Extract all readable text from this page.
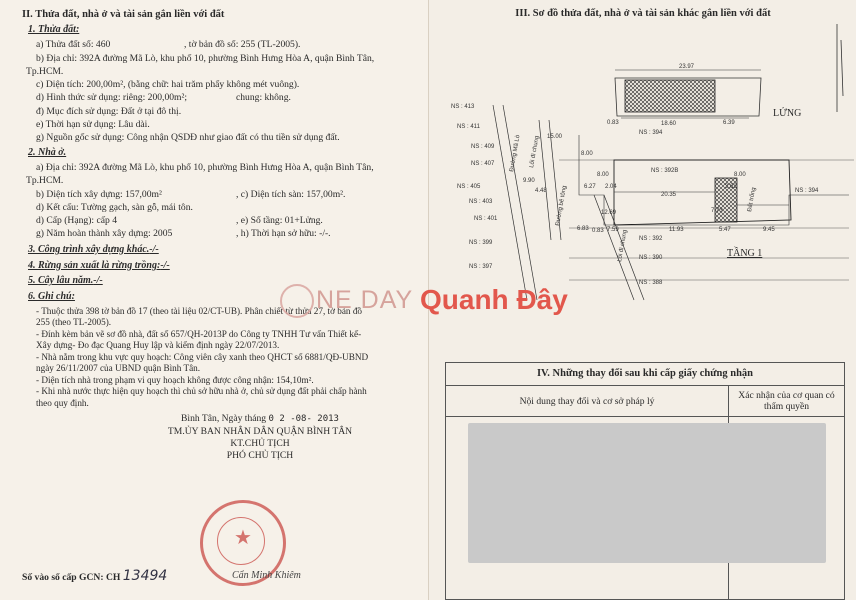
II. Thửa đất, nhà ở và tài sản gắn liền với đất
1. Thửa đất:
a) Thửa đất số: 460	, tờ bản đồ số: 255 (TL-2005).
b) Địa chỉ: 392A đường Mã Lò, khu phố 10, phường Bình Hưng Hòa A, quận Bình Tân,
Tp.HCM.
c) Diện tích: 200,00m², (bằng chữ: hai trăm phẩy không mét vuông).
d) Hình thức sử dụng: riêng: 200,00m²;	chung: không.
đ) Mục đích sử dụng: Đất ở tại đô thị.
e) Thời hạn sử dụng: Lâu dài.
g) Nguồn gốc sử dụng: Công nhận QSDĐ như giao đất có thu tiền sử dụng đất.
2. Nhà ở.
a) Địa chỉ: 392A đường Mã Lò, khu phố 10, phường Bình Hưng Hòa A, quận Bình Tân,
Tp.HCM.
b) Diện tích xây dựng: 157,00m²	, c) Diện tích sàn: 157,00m².
d) Kết cấu: Tường gạch, sàn gỗ, mái tôn.
d) Cấp (Hạng): cấp 4	, e) Số tầng: 01+Lửng.
g) Năm hoàn thành xây dựng: 2005	, h) Thời hạn sở hữu: -/-.
3. Công trình xây dựng khác.-/-
4. Rừng sản xuất là rừng trồng:-/-
5. Cây lâu năm.-/-
6. Ghi chú:
- Thuộc thửa 398 tờ bản đồ 17 (theo tài liệu 02/CT-UB). Phân chiết từ thửa 27, tờ bản đồ
255 (theo TL-2005).
- Đính kèm bản vẽ sơ đồ nhà, đất số 657/QH-2013P do Công ty TNHH Tư vấn Thiết kế-
Xây dựng- Đo đạc Quang Huy lập và kiểm định ngày 22/07/2013.
- Nhà nằm trong khu vực quy hoạch: Công viên cây xanh theo QHCT số 6881/QĐ-UBND
ngày 26/11/2007 của UBND quận Bình Tân.
- Diện tích nhà trong phạm vi quy hoạch không được công nhận: 154,10m².
- Khi nhà nước thực hiện quy hoạch thì chủ sở hữu nhà ở, chủ sử dụng đất phải chấp hành
theo quy định.
Bình Tân, Ngày tháng 0 2 -08- 2013
TM.ỦY BAN NHÂN DÂN QUẬN BÌNH TÂN
KT.CHỦ TỊCH
PHÓ CHỦ TỊCH
★
Cẩn Minh Khiêm
Số vào sổ cấp GCN: CH 13494
III. Sơ đồ thửa đất, nhà ở và tài sản khác gắn liền với đất
LỬNG
TẦNG 1
NS : 413
NS : 411
NS : 409
NS : 407
NS : 405
NS : 403
NS : 401
NS : 399
NS : 397
NS : 394
NS : 392B
NS : 392
NS : 390
NS : 388
NS : 394
23.97
18.60	6.39
0.83
15.00
8.00
6.27 2.04
20.35
3.62
4.48
9.90
7.73
6.83	7.59	11.93	5.47	9.45
0.83
8.00
12.69
8.00
Đường Mã Lò Lối đi chung
Đường bê tông
Lối đi chung
Đất trống
IV. Những thay đổi sau khi cấp giấy chứng nhận
Nội dung thay đổi và cơ sở pháp lý	Xác nhận của cơ quan có thẩm quyền
NE DAY Quanh Đây
